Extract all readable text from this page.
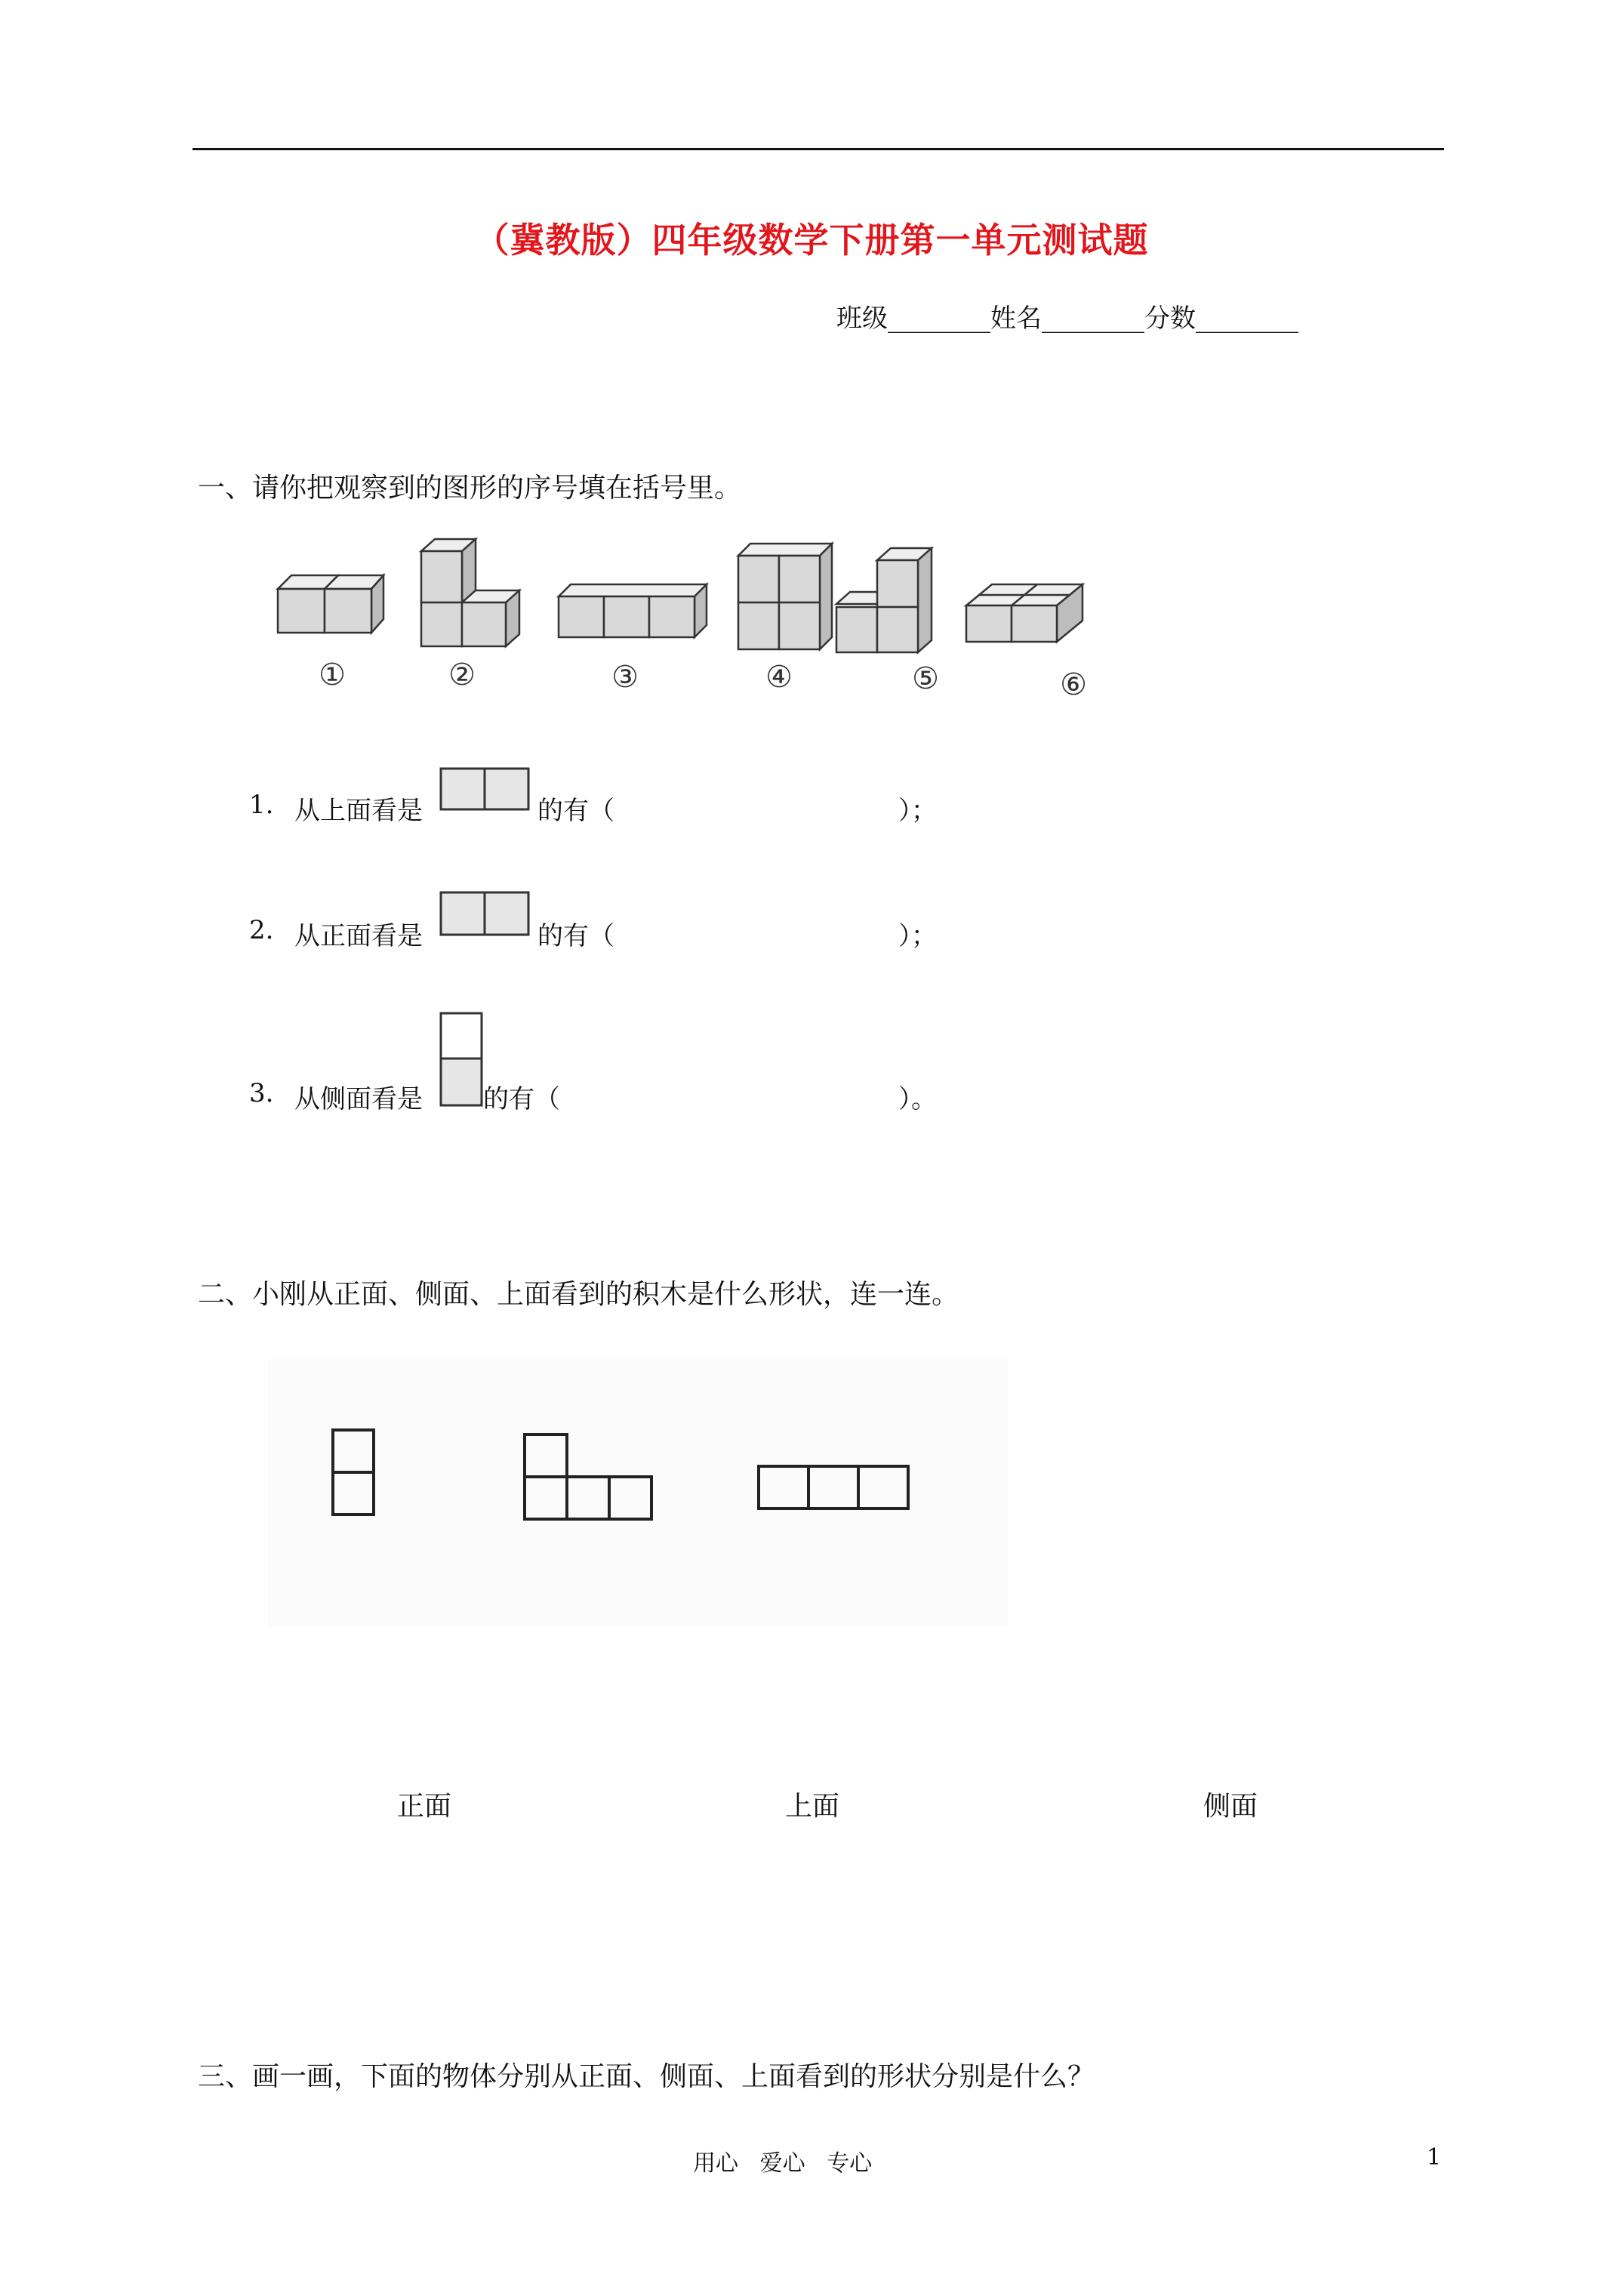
（冀教版）四年级数学下册第一单元测试题
班级________姓名________分数________
一、请你把观察到的图形的序号填在括号里。
①	②	③	④	⑤	⑥
1. 从上面看是	的有（	）；
2. 从正面看是	的有（	）；
3. 从侧面看是 的有（	）。
二、小刚从正面、侧面、上面看到的积木是什么形状，连一连。
正面	上面	侧面
三、画一画，下面的物体分别从正面、侧面、上面看到的形状分别是什么？
用心   爱心   专心	1
